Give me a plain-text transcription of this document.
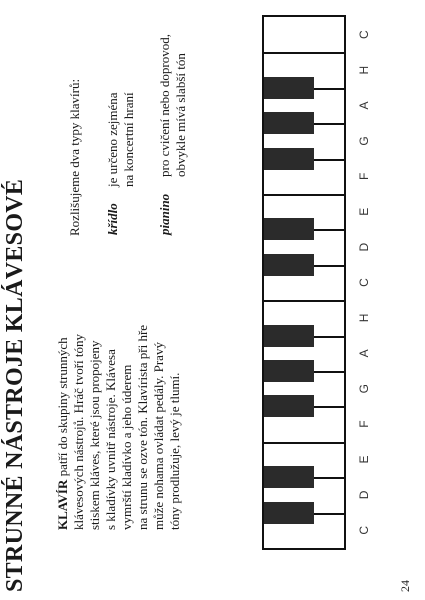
STRUNNÉ NÁSTROJE KLÁVESOVÉ KLAVÍR patří do skupiny strunných klávesových nástrojů. Hráč tvoří tóny stiskem kláves, které jsou propojeny s kladívky uvnitř nástroje. Klávesa vymrští kladívko a jeho úderem na strunu se ozve tón. Klavírista při hře může nohama ovládat pedály. Pravý tóny prodlužuje, levý je tlumí.
Rozlišujeme dva typy klavírů: křídlo
je určeno zejména na koncertní hraní
pianino
pro cvičení nebo doprovod, obvykle mívá slabší tón
C
D
E
F
G
A
H
C
D
E
F
G
A
H
C
24
